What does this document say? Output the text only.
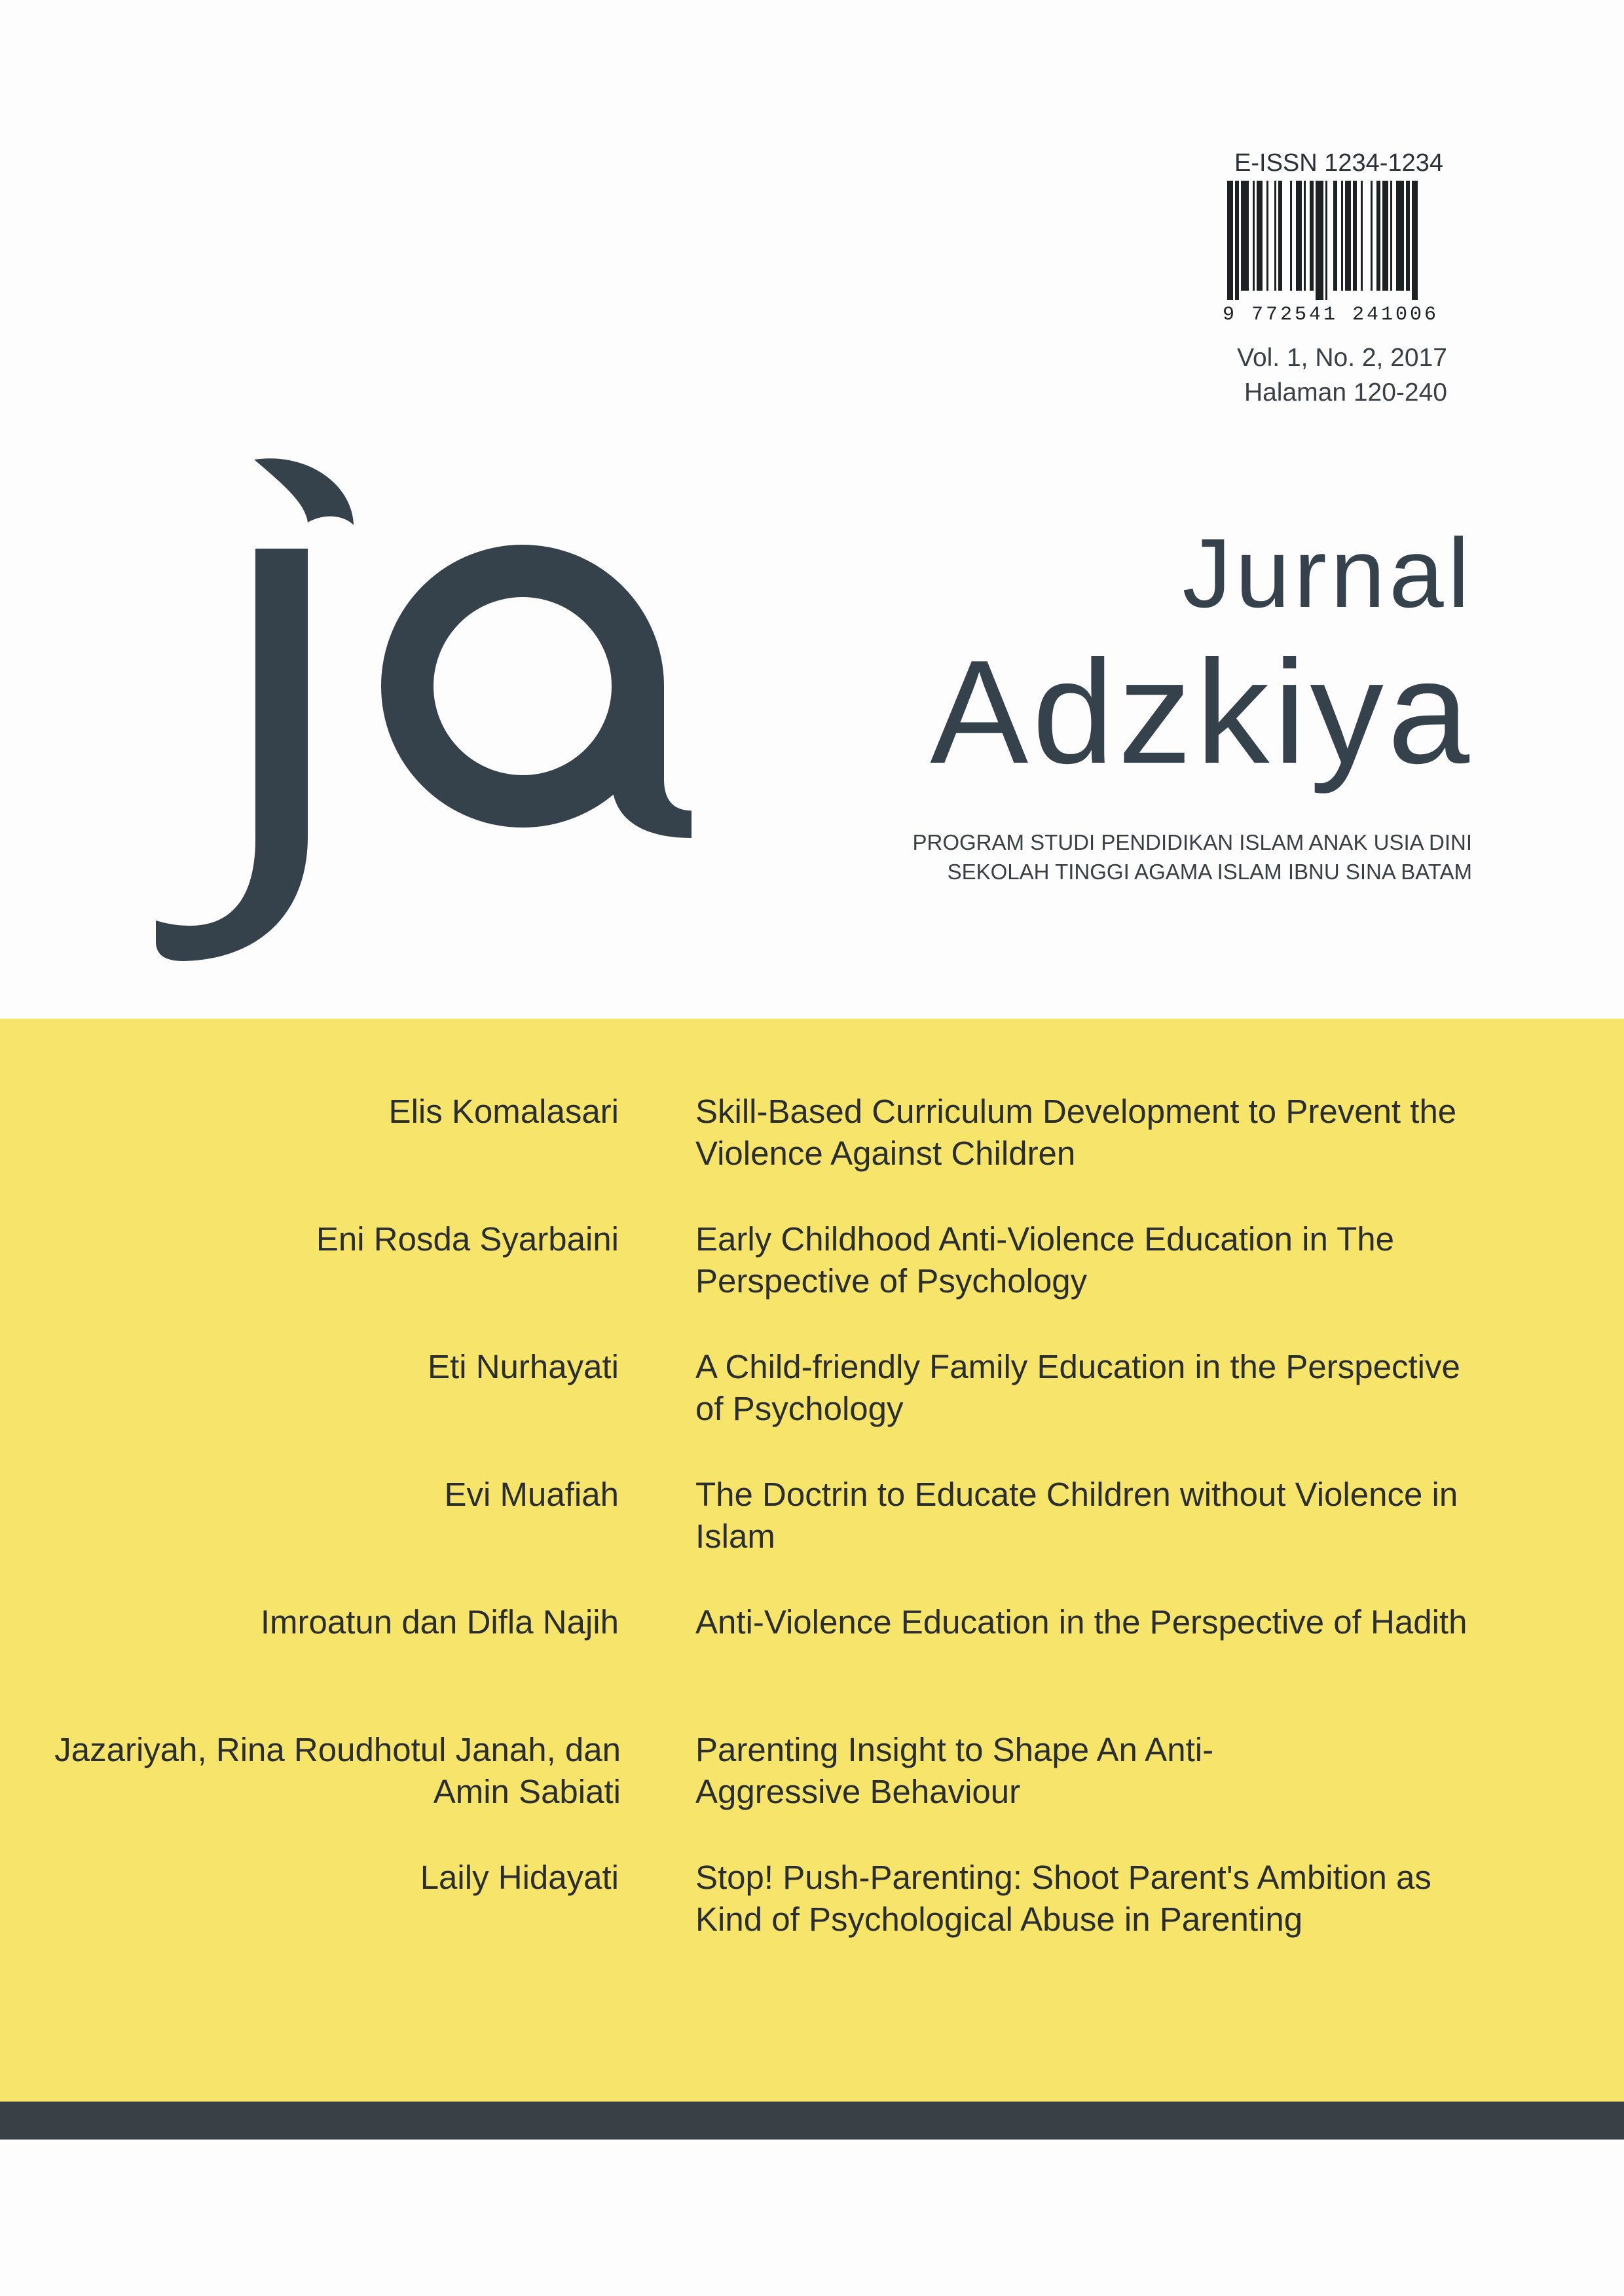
E-ISSN 1234-1234
9 772541 241006
Vol. 1, No. 2, 2017
Halaman 120-240
Jurnal
Adzkiya
PROGRAM STUDI PENDIDIKAN ISLAM ANAK USIA DINI
SEKOLAH TINGGI AGAMA ISLAM IBNU SINA BATAM
Elis Komalasari Skill-Based Curriculum Development to Prevent the Violence Against Children
Eni Rosda Syarbaini Early Childhood Anti-Violence Education in The Perspective of Psychology
Eti Nurhayati A Child-friendly Family Education in the Perspective of Psychology
Evi Muafiah The Doctrin to Educate Children without Violence in Islam
Imroatun dan Difla Najih Anti-Violence Education in the Perspective of Hadith
Jazariyah, Rina Roudhotul Janah, dan Amin Sabiati
Parenting Insight to Shape An Anti-Aggressive Behaviour
Laily Hidayati Stop! Push-Parenting: Shoot Parent's Ambition as Kind of Psychological Abuse in Parenting
